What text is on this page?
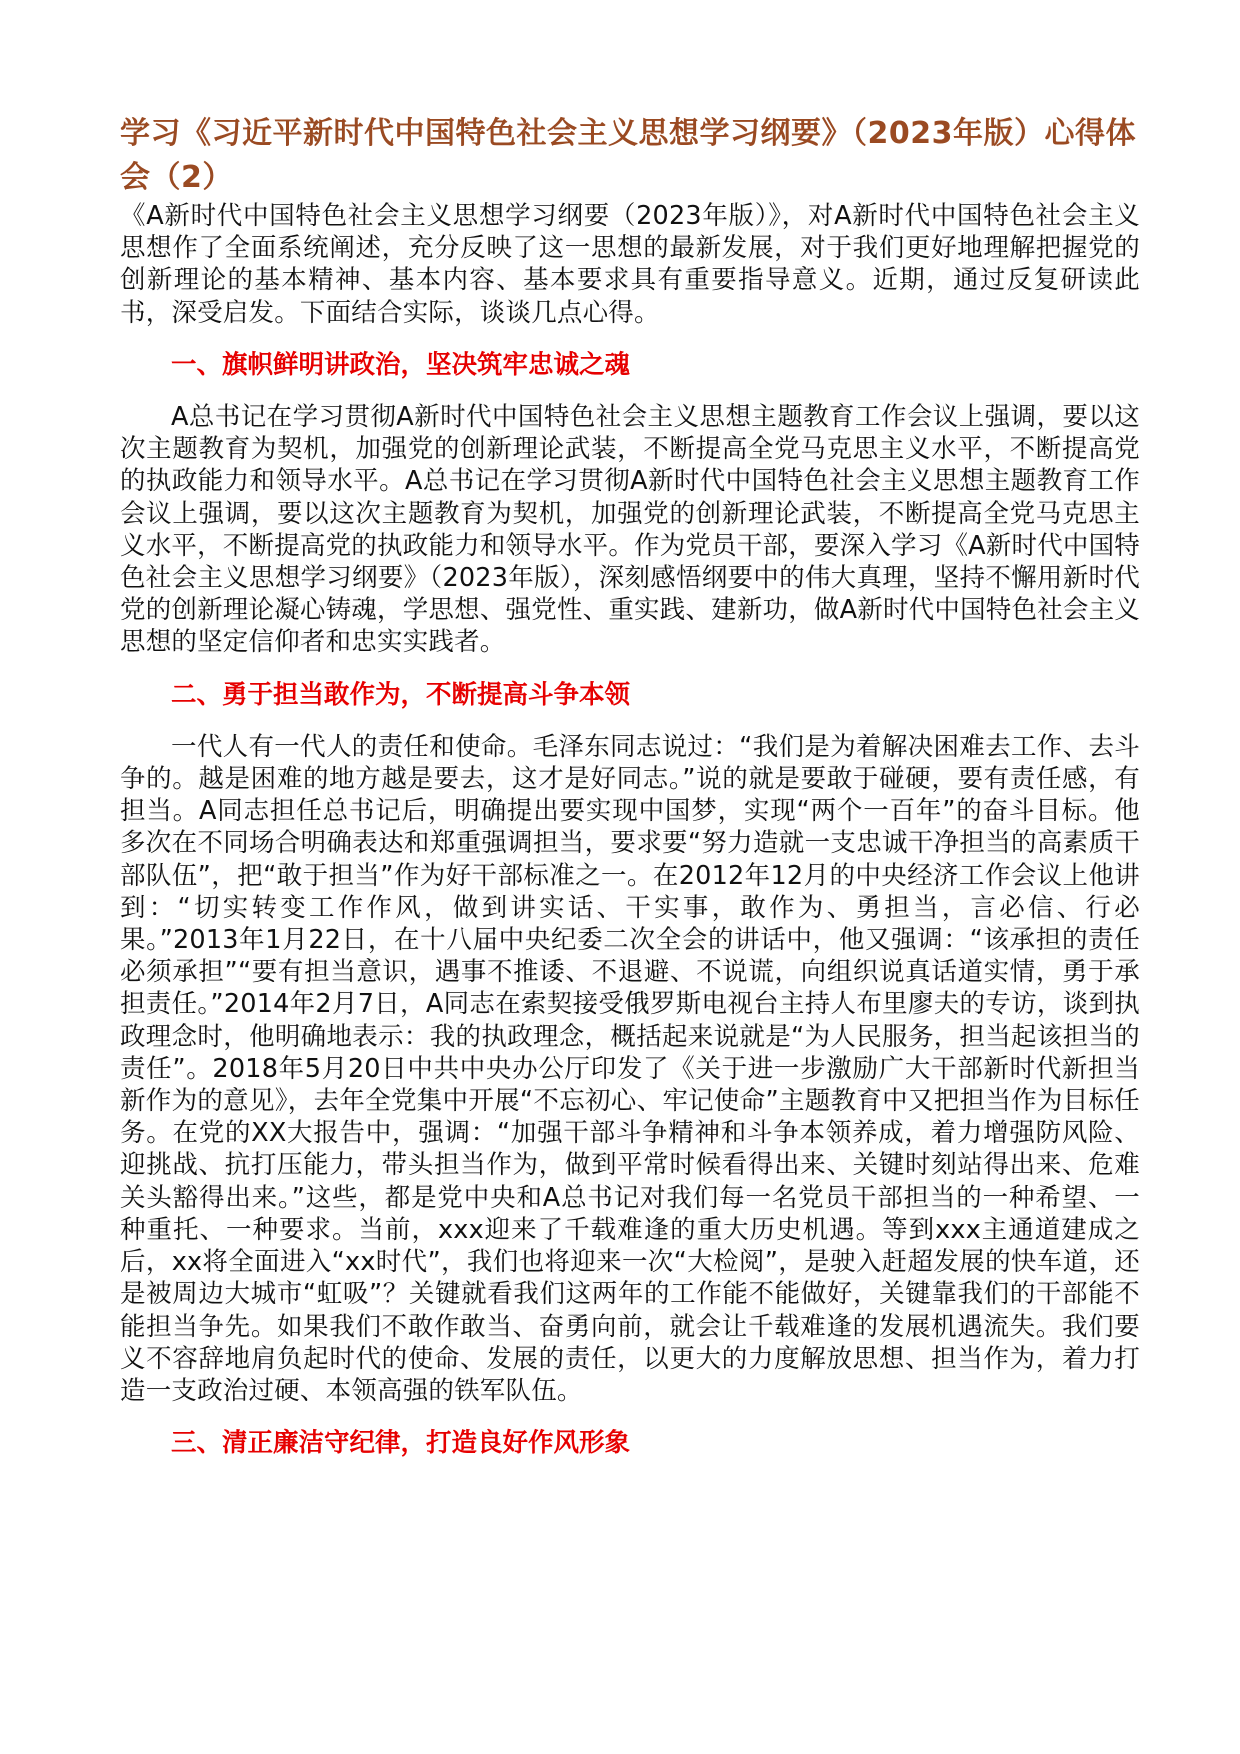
学习《习近平新时代中国特色社会主义思想学习纲要》（2023年版）心得体会（2）

《A新时代中国特色社会主义思想学习纲要（2023年版）》，对A新时代中国特色社会主义思想作了全面系统阐述，充分反映了这一思想的最新发展，对于我们更好地理解把握党的创新理论的基本精神、基本内容、基本要求具有重要指导意义。近期，通过反复研读此书，深受启发。下面结合实际，谈谈几点心得。

一、旗帜鲜明讲政治，坚决筑牢忠诚之魂

A总书记在学习贯彻A新时代中国特色社会主义思想主题教育工作会议上强调，要以这次主题教育为契机，加强党的创新理论武装，不断提高全党马克思主义水平，不断提高党的执政能力和领导水平。A总书记在学习贯彻A新时代中国特色社会主义思想主题教育工作会议上强调，要以这次主题教育为契机，加强党的创新理论武装，不断提高全党马克思主义水平，不断提高党的执政能力和领导水平。作为党员干部，要深入学习《A新时代中国特色社会主义思想学习纲要》（2023年版），深刻感悟纲要中的伟大真理，坚持不懈用新时代党的创新理论凝心铸魂，学思想、强党性、重实践、建新功，做A新时代中国特色社会主义思想的坚定信仰者和忠实实践者。

二、勇于担当敢作为，不断提高斗争本领

一代人有一代人的责任和使命。毛泽东同志说过：“我们是为着解决困难去工作、去斗争的。越是困难的地方越是要去，这才是好同志。”说的就是要敢于碰硬，要有责任感，有担当。A同志担任总书记后，明确提出要实现中国梦，实现“两个一百年”的奋斗目标。他多次在不同场合明确表达和郑重强调担当，要求要“努力造就一支忠诚干净担当的高素质干部队伍”，把“敢于担当”作为好干部标准之一。在2012年12月的中央经济工作会议上他讲到：“切实转变工作作风，做到讲实话、干实事，敢作为、勇担当，言必信、行必果。”2013年1月22日，在十八届中央纪委二次全会的讲话中，他又强调：“该承担的责任必须承担”“要有担当意识，遇事不推诿、不退避、不说谎，向组织说真话道实情，勇于承担责任。”2014年2月7日，A同志在索契接受俄罗斯电视台主持人布里廖夫的专访，谈到执政理念时，他明确地表示：我的执政理念，概括起来说就是“为人民服务，担当起该担当的责任”。2018年5月20日中共中央办公厅印发了《关于进一步激励广大干部新时代新担当新作为的意见》，去年全党集中开展“不忘初心、牢记使命”主题教育中又把担当作为目标任务。在党的XX大报告中，强调：“加强干部斗争精神和斗争本领养成，着力增强防风险、迎挑战、抗打压能力，带头担当作为，做到平常时候看得出来、关键时刻站得出来、危难关头豁得出来。”这些，都是党中央和A总书记对我们每一名党员干部担当的一种希望、一种重托、一种要求。当前，xxx迎来了千载难逢的重大历史机遇。等到xxx主通道建成之后，xx将全面进入“xx时代”，我们也将迎来一次“大检阅”，是驶入赶超发展的快车道，还是被周边大城市“虹吸”？关键就看我们这两年的工作能不能做好，关键靠我们的干部能不能担当争先。如果我们不敢作敢当、奋勇向前，就会让千载难逢的发展机遇流失。我们要义不容辞地肩负起时代的使命、发展的责任，以更大的力度解放思想、担当作为，着力打造一支政治过硬、本领高强的铁军队伍。

三、清正廉洁守纪律，打造良好作风形象
